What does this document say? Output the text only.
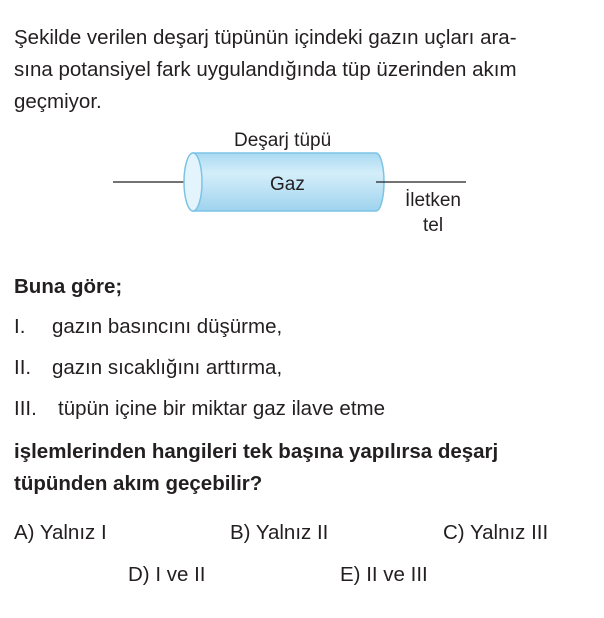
Şekilde verilen deşarj tüpünün içindeki gazın uçları ara-
sına potansiyel fark uygulandığında tüp üzerinden akım
geçmiyor.

Deşarj tüpü
Gaz
İletken
tel

Buna göre;

I. gazın basıncını düşürme,
II. gazın sıcaklığını arttırma,
III. tüpün içine bir miktar gaz ilave etme

işlemlerinden hangileri tek başına yapılırsa deşarj
tüpünden akım geçebilir?

A) Yalnız I	B) Yalnız II	C) Yalnız III
D) I ve II	E) II ve III
